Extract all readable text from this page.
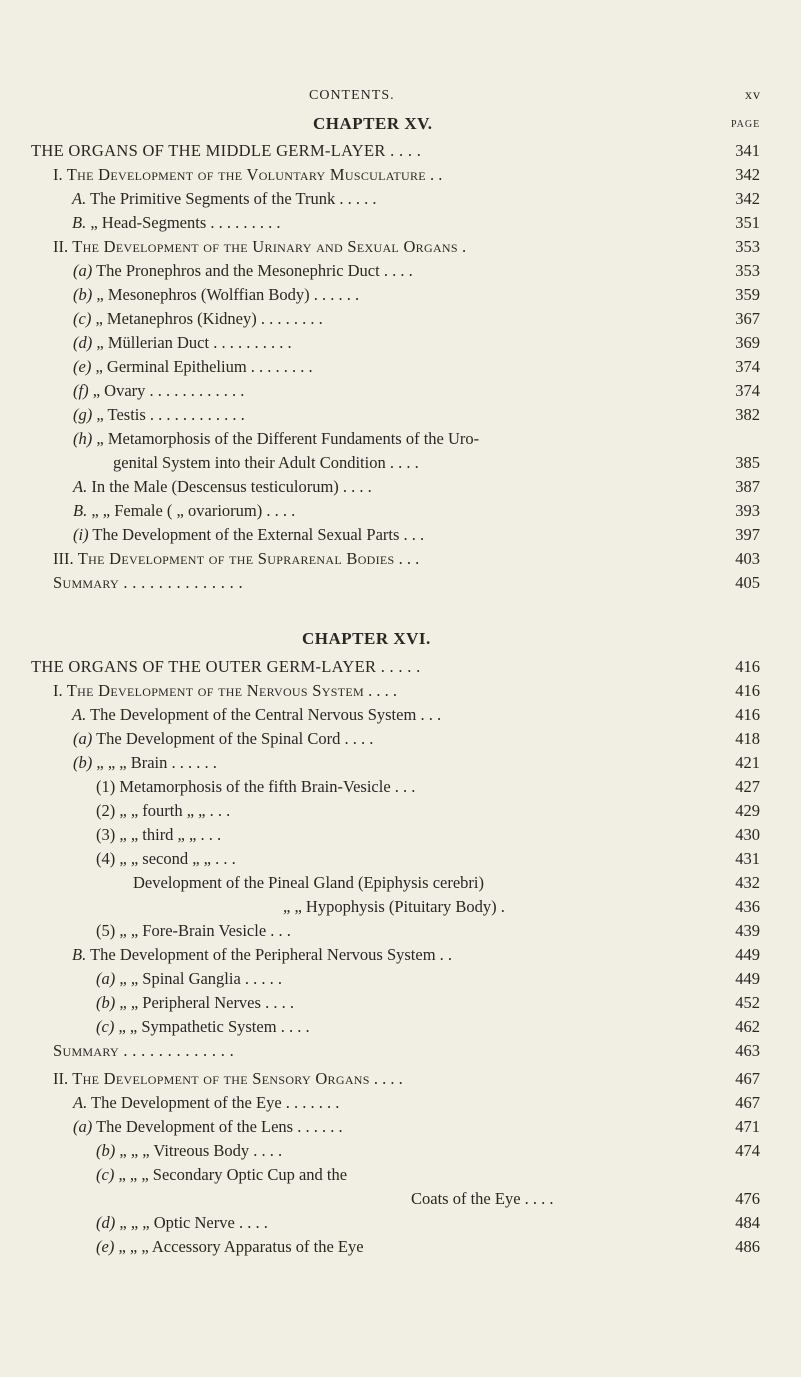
CONTENTS.	xv
CHAPTER XV.	PAGE
THE ORGANS OF THE MIDDLE GERM-LAYER . . . .	341
I. The Development of the Voluntary Musculature . .	342
A. The Primitive Segments of the Trunk . . . . .	342
B. „ Head-Segments . . . . . . . . .	351
II. The Development of the Urinary and Sexual Organs .	353
(a) The Pronephros and the Mesonephric Duct . . . .	353
(b) „ Mesonephros (Wolffian Body) . . . . . .	359
(c) „ Metanephros (Kidney) . . . . . . . .	367
(d) „ Müllerian Duct . . . . . . . . . .	369
(e) „ Germinal Epithelium . . . . . . . .	374
(f) „ Ovary . . . . . . . . . . . .	374
(g) „ Testis . . . . . . . . . . . .	382
(h) „ Metamorphosis of the Different Fundaments of the Uro-
genital System into their Adult Condition . . . .	385
A. In the Male (Descensus testiculorum) . . . .	387
B. „ „ Female ( „ ovariorum) . . . .	393
(i) The Development of the External Sexual Parts . . .	397
III. The Development of the Suprarenal Bodies . . .	403
Summary . . . . . . . . . . . . . .	405
CHAPTER XVI.
THE ORGANS OF THE OUTER GERM-LAYER . . . . .	416
I. The Development of the Nervous System . . . .	416
A. The Development of the Central Nervous System . . .	416
(a) The Development of the Spinal Cord . . . .	418
(b) „ „ „ Brain . . . . . .	421
(1) Metamorphosis of the fifth Brain-Vesicle . . .	427
(2) „ „ fourth „ „ . . .	429
(3) „ „ third „ „ . . .	430
(4) „ „ second „ „ . . .	431
Development of the Pineal Gland (Epiphysis cerebri)	432
„ „ Hypophysis (Pituitary Body) .	436
(5) „ „ Fore-Brain Vesicle . . .	439
B. The Development of the Peripheral Nervous System . .	449
(a) „ „ Spinal Ganglia . . . . .	449
(b) „ „ Peripheral Nerves . . . .	452
(c) „ „ Sympathetic System . . . .	462
Summary . . . . . . . . . . . . .	463
II. The Development of the Sensory Organs . . . .	467
A. The Development of the Eye . . . . . . .	467
(a) The Development of the Lens . . . . . .	471
(b) „ „ „ Vitreous Body . . . .	474
(c) „ „ „ Secondary Optic Cup and the
Coats of the Eye . . . .	476
(d) „ „ „ Optic Nerve . . . .	484
(e) „ „ „ Accessory Apparatus of the Eye	486
